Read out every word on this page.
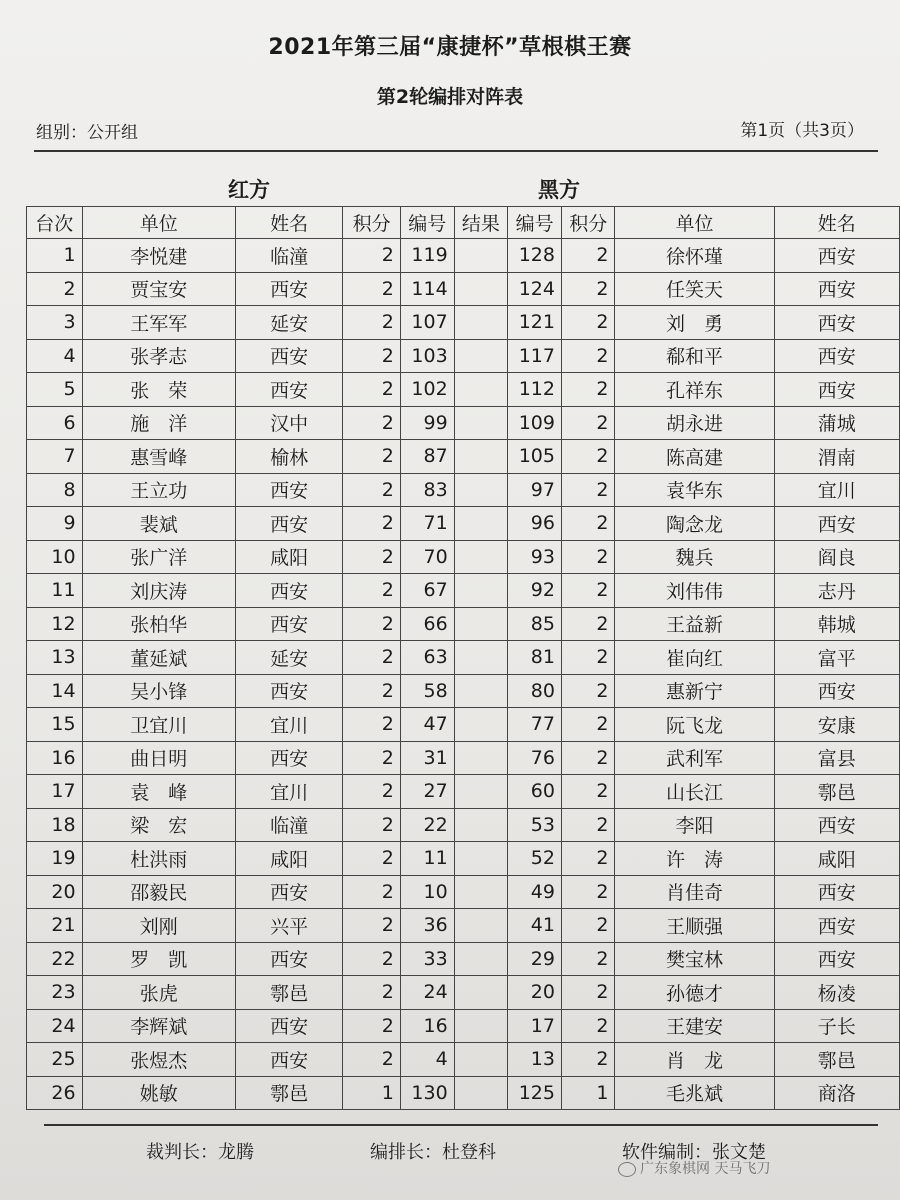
2021年第三届“康捷杯”草根棋王赛
第2轮编排对阵表
组别：公开组	第1页（共3页）
红方	黑方
台次	单位	姓名	积分	编号	结果	编号	积分	单位	姓名
1	李悦建	临潼	2	119		128	2	徐怀瑾	西安
2	贾宝安	西安	2	114		124	2	任笑天	西安
3	王军军	延安	2	107		121	2	刘　勇	西安
4	张孝志	西安	2	103		117	2	郗和平	西安
5	张　荣	西安	2	102		112	2	孔祥东	西安
6	施　洋	汉中	2	99		109	2	胡永进	蒲城
7	惠雪峰	榆林	2	87		105	2	陈高建	渭南
8	王立功	西安	2	83		97	2	袁华东	宜川
9	裴斌	西安	2	71		96	2	陶念龙	西安
10	张广洋	咸阳	2	70		93	2	魏兵	阎良
11	刘庆涛	西安	2	67		92	2	刘伟伟	志丹
12	张柏华	西安	2	66		85	2	王益新	韩城
13	董延斌	延安	2	63		81	2	崔向红	富平
14	吴小锋	西安	2	58		80	2	惠新宁	西安
15	卫宜川	宜川	2	47		77	2	阮飞龙	安康
16	曲日明	西安	2	31		76	2	武利军	富县
17	袁　峰	宜川	2	27		60	2	山长江	鄠邑
18	梁　宏	临潼	2	22		53	2	李阳	西安
19	杜洪雨	咸阳	2	11		52	2	许　涛	咸阳
20	邵毅民	西安	2	10		49	2	肖佳奇	西安
21	刘刚	兴平	2	36		41	2	王顺强	西安
22	罗　凯	西安	2	33		29	2	樊宝林	西安
23	张虎	鄠邑	2	24		20	2	孙德才	杨凌
24	李辉斌	西安	2	16		17	2	王建安	子长
25	张煜杰	西安	2	4		13	2	肖　龙	鄠邑
26	姚敏	鄠邑	1	130		125	1	毛兆斌	商洛
裁判长：龙腾	编排长：杜登科	软件编制：张文楚
广东象棋网 天马飞刀
